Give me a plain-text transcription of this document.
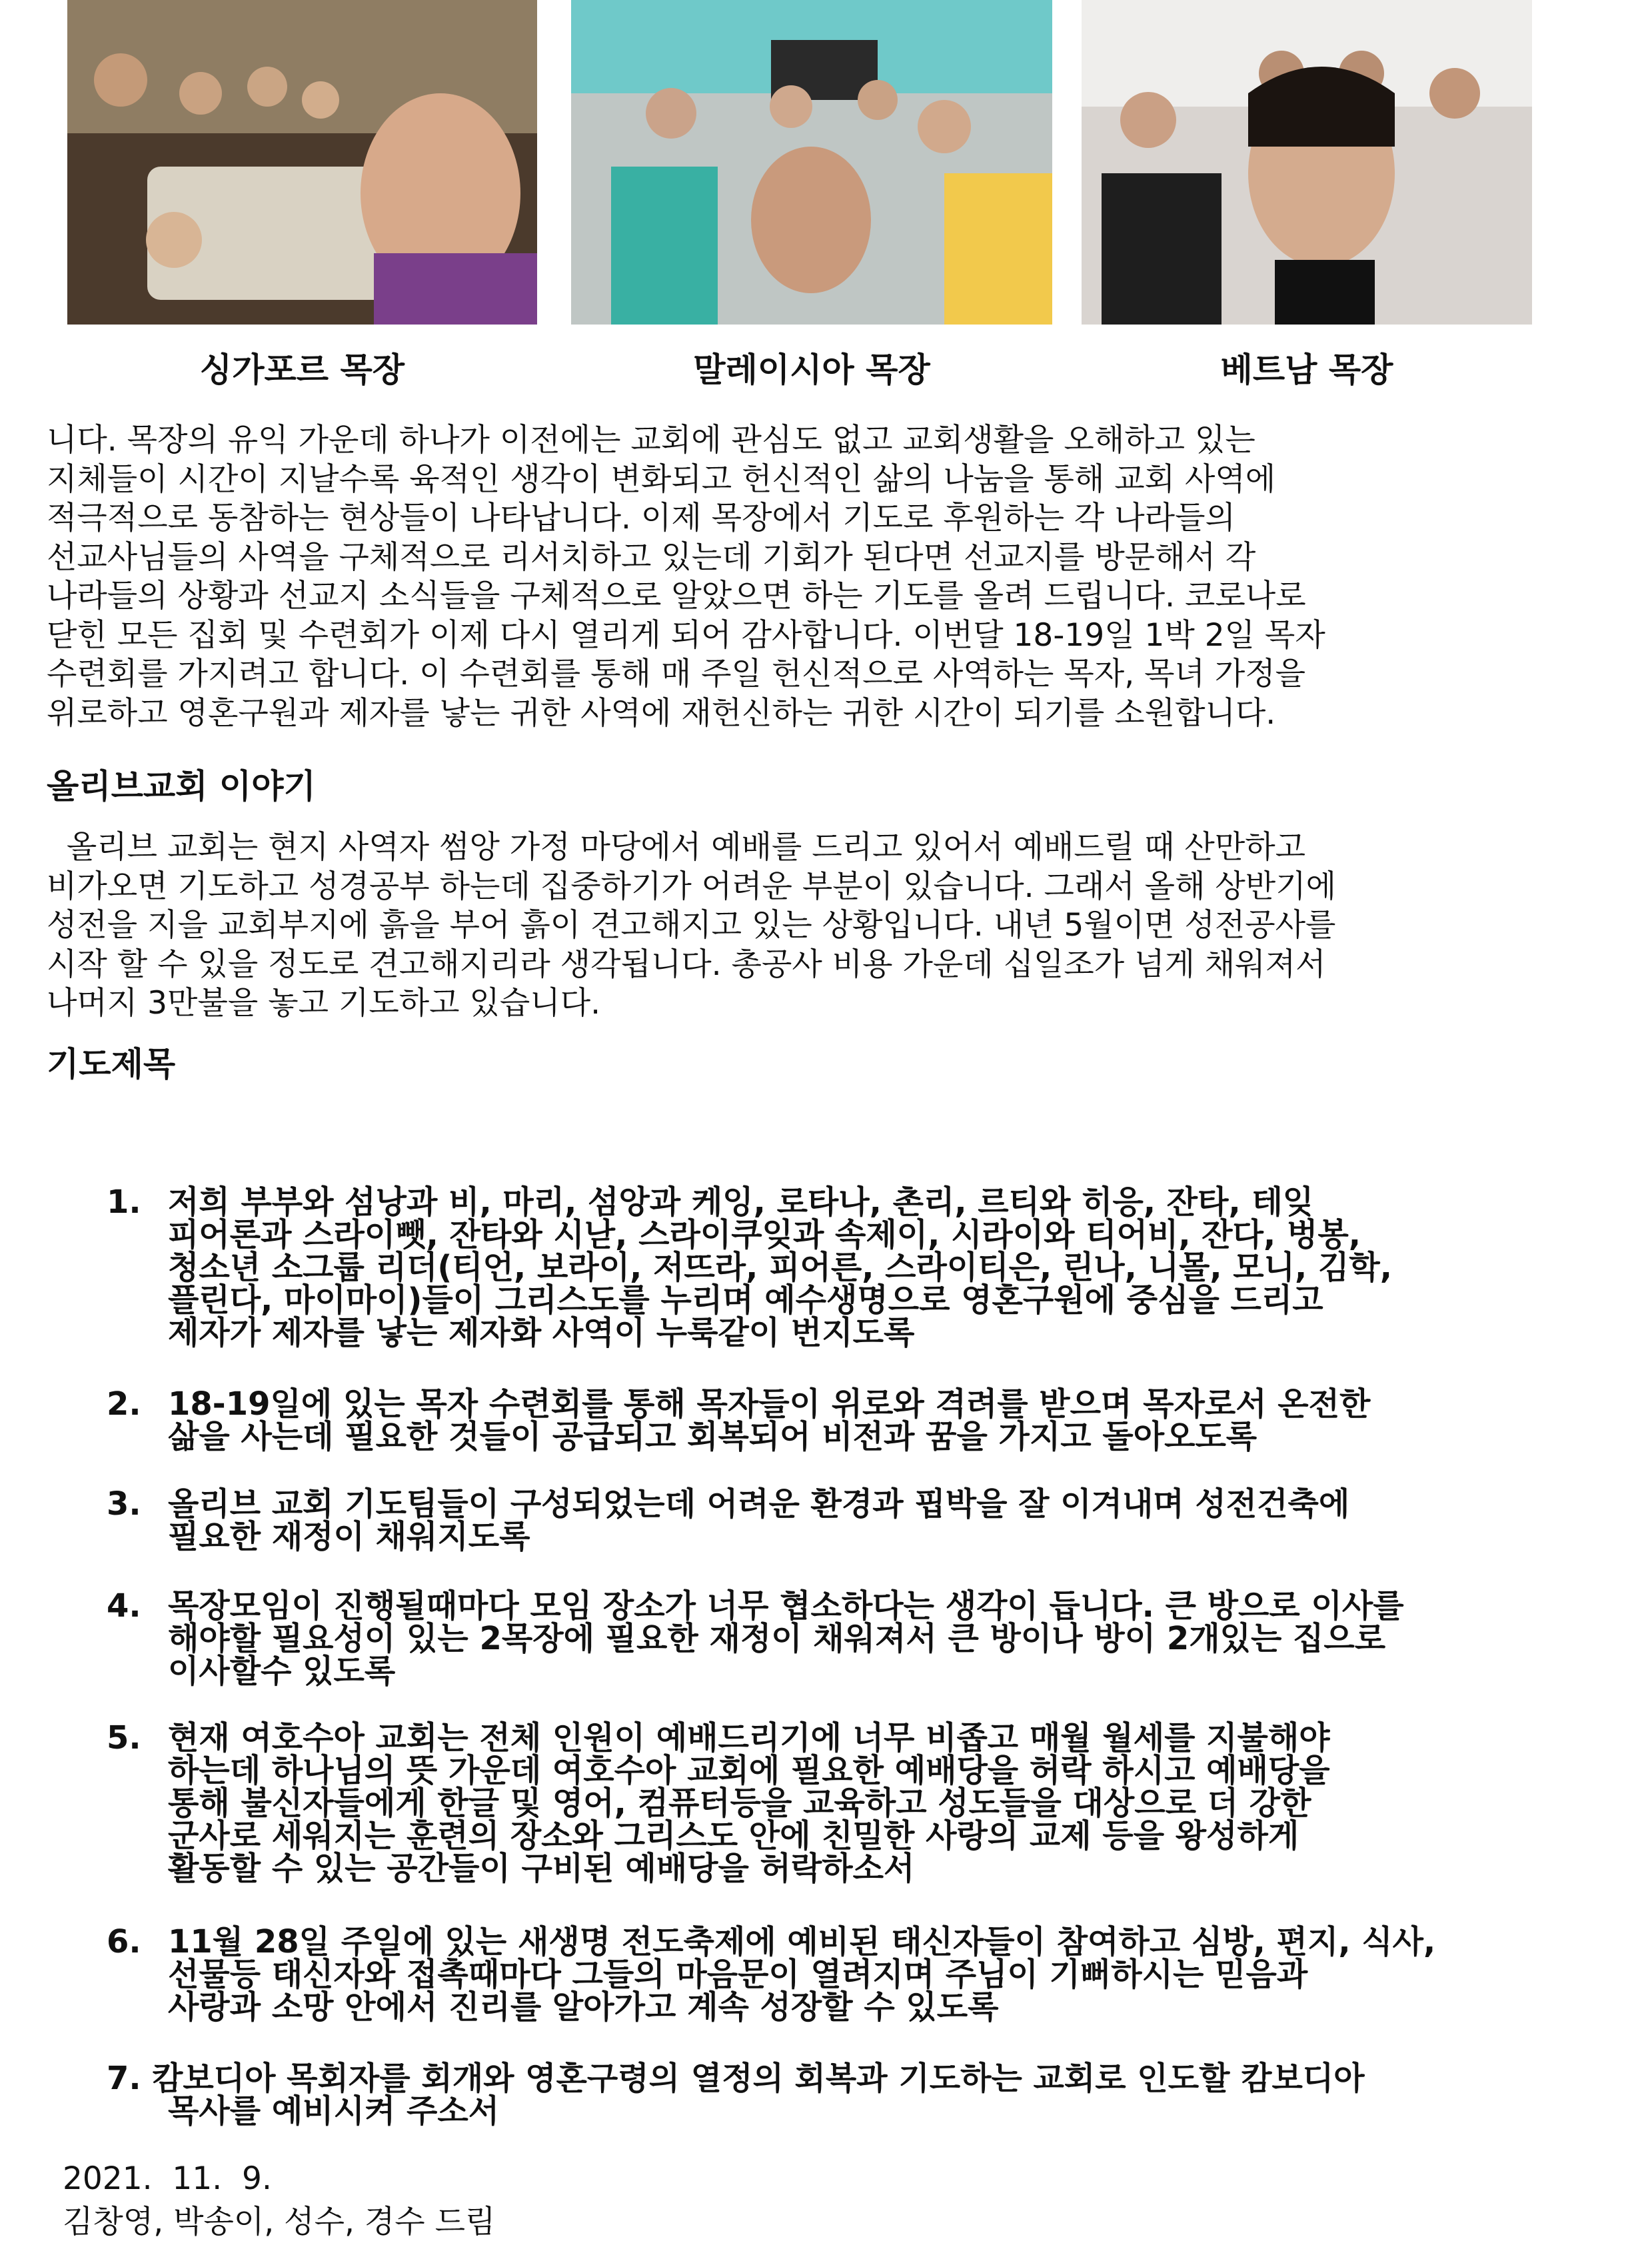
싱가포르 목장	말레이시아 목장	베트남 목장

니다. 목장의 유익 가운데 하나가 이전에는 교회에 관심도 없고 교회생활을 오해하고 있는
지체들이 시간이 지날수록 육적인 생각이 변화되고 헌신적인 삶의 나눔을 통해 교회 사역에
적극적으로 동참하는 현상들이 나타납니다. 이제 목장에서 기도로 후원하는 각 나라들의
선교사님들의 사역을 구체적으로 리서치하고 있는데 기회가 된다면 선교지를 방문해서 각
나라들의 상황과 선교지 소식들을 구체적으로 알았으면 하는 기도를 올려 드립니다. 코로나로
닫힌 모든 집회 및 수련회가 이제 다시 열리게 되어 감사합니다. 이번달 18-19일 1박 2일 목자
수련회를 가지려고 합니다. 이 수련회를 통해 매 주일 헌신적으로 사역하는 목자, 목녀 가정을
위로하고 영혼구원과 제자를 낳는 귀한 사역에 재헌신하는 귀한 시간이 되기를 소원합니다.

올리브교회 이야기

올리브 교회는 현지 사역자 썸앙 가정 마당에서 예배를 드리고 있어서 예배드릴 때 산만하고
비가오면 기도하고 성경공부 하는데 집중하기가 어려운 부분이 있습니다. 그래서 올해 상반기에
성전을 지을 교회부지에 흙을 부어 흙이 견고해지고 있는 상황입니다. 내년 5월이면 성전공사를
시작 할 수 있을 정도로 견고해지리라 생각됩니다. 총공사 비용 가운데 십일조가 넘게 채워져서
나머지 3만불을 놓고 기도하고 있습니다.

기도제목
1. 저희 부부와 섬낭과 비, 마리, 섬앙과 케잉, 로타나, 촌리, 르티와 히응, 잔타, 테잊
피어론과 스라이뺏, 잔타와 시낟, 스라이쿠잊과 속제이, 시라이와 티어비, 잔다, 벙봉,
청소년 소그룹 리더(티언, 보라이, 저뜨라, 피어른, 스라이티은, 린나, 니몰, 모니, 김학,
플린다, 마이마이)들이 그리스도를 누리며 예수생명으로 영혼구원에 중심을 드리고
제자가 제자를 낳는 제자화 사역이 누룩같이 번지도록
2. 18-19일에 있는 목자 수련회를 통해 목자들이 위로와 격려를 받으며 목자로서 온전한
삶을 사는데 필요한 것들이 공급되고 회복되어 비전과 꿈을 가지고 돌아오도록
3. 올리브 교회 기도팀들이 구성되었는데 어려운 환경과 핍박을 잘 이겨내며 성전건축에
필요한 재정이 채워지도록
4. 목장모임이 진행될때마다 모임 장소가 너무 협소하다는 생각이 듭니다. 큰 방으로 이사를
해야할 필요성이 있는 2목장에 필요한 재정이 채워져서 큰 방이나 방이 2개있는 집으로
이사할수 있도록
5. 현재 여호수아 교회는 전체 인원이 예배드리기에 너무 비좁고 매월 월세를 지불해야
하는데 하나님의 뜻 가운데 여호수아 교회에 필요한 예배당을 허락 하시고 예배당을
통해 불신자들에게 한글 및 영어, 컴퓨터등을 교육하고 성도들을 대상으로 더 강한
군사로 세워지는 훈련의 장소와 그리스도 안에 친밀한 사랑의 교제 등을 왕성하게
활동할 수 있는 공간들이 구비된 예배당을 허락하소서
6. 11월 28일 주일에 있는 새생명 전도축제에 예비된 태신자들이 참여하고 심방, 편지, 식사,
선물등 태신자와 접촉때마다 그들의 마음문이 열려지며 주님이 기뻐하시는 믿음과
사랑과 소망 안에서 진리를 알아가고 계속 성장할 수 있도록
7. 캄보디아 목회자를 회개와 영혼구령의 열정의 회복과 기도하는 교회로 인도할 캄보디아
목사를 예비시켜 주소서
2021.  11.  9.
김창영, 박송이, 성수, 경수 드림
